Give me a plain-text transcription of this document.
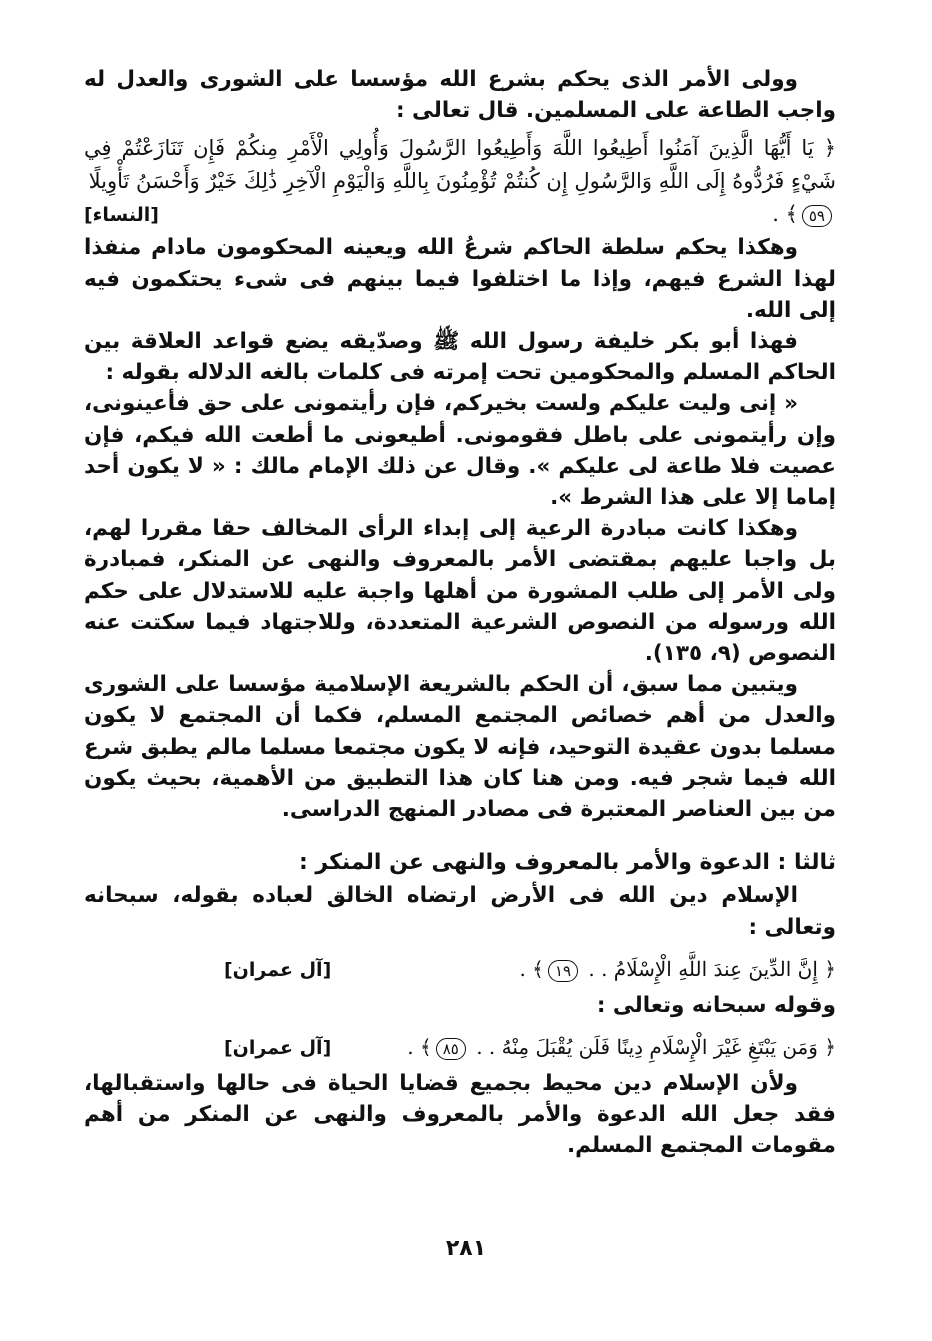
وولى الأمر الذى يحكم بشرع الله مؤسسا على الشورى والعدل له واجب الطاعة على المسلمين. قال تعالى :

﴿ يَا أَيُّهَا الَّذِينَ آمَنُوا أَطِيعُوا اللَّهَ وَأَطِيعُوا الرَّسُولَ وَأُولِي الْأَمْرِ مِنكُمْ فَإِن تَنَازَعْتُمْ فِي شَيْءٍ فَرُدُّوهُ إِلَى اللَّهِ وَالرَّسُولِ إِن كُنتُمْ تُؤْمِنُونَ بِاللَّهِ وَالْيَوْمِ الْآخِرِ ذَٰلِكَ خَيْرٌ وَأَحْسَنُ تَأْوِيلًا
٥٩﴾ .
[النساء]

وهكذا يحكم سلطة الحاكم شرعُ الله ويعينه المحكومون مادام منفذا لهذا الشرع فيهم، وإذا ما اختلفوا فيما بينهم فى شىء يحتكمون فيه إلى الله.

فهذا أبو بكر خليفة رسول الله ﷺ وصدّيقه يضع قواعد العلاقة بين الحاكم المسلم والمحكومين تحت إمرته فى كلمات بالغه الدلاله بقوله :

« إنى وليت عليكم ولست بخيركم، فإن رأيتمونى على حق فأعينونى، وإن رأيتمونى على باطل فقومونى. أطيعونى ما أطعت الله فيكم، فإن عصيت فلا طاعة لى عليكم ». وقال عن ذلك الإمام مالك : « لا يكون أحد إماما إلا على هذا الشرط ».

وهكذا كانت مبادرة الرعية إلى إبداء الرأى المخالف حقا مقررا لهم، بل واجبا عليهم بمقتضى الأمر بالمعروف والنهى عن المنكر، فمبادرة ولى الأمر إلى طلب المشورة من أهلها واجبة عليه للاستدلال على حكم الله ورسوله من النصوص الشرعية المتعددة، وللاجتهاد فيما سكتت عنه النصوص (٩، ١٣٥).

ويتبين مما سبق، أن الحكم بالشريعة الإسلامية مؤسسا على الشورى والعدل من أهم خصائص المجتمع المسلم، فكما أن المجتمع لا يكون مسلما بدون عقيدة التوحيد، فإنه لا يكون مجتمعا مسلما مالم يطبق شرع الله فيما شجر فيه. ومن هنا كان هذا التطبيق من الأهمية، بحيث يكون من بين العناصر المعتبرة فى مصادر المنهج الدراسى.

ثالثا : الدعوة والأمر بالمعروف والنهى عن المنكر :

الإسلام دين الله فى الأرض ارتضاه الخالق لعباده بقوله، سبحانه وتعالى :

﴿ إِنَّ الدِّينَ عِندَ اللَّهِ الْإِسْلَامُ . . ١٩﴾ .
[آل عمران]

وقوله سبحانه وتعالى :

﴿ وَمَن يَبْتَغِ غَيْرَ الْإِسْلَامِ دِينًا فَلَن يُقْبَلَ مِنْهُ . . ٨٥﴾ .
[آل عمران]

ولأن الإسلام دين محيط بجميع قضايا الحياة فى حالها واستقبالها، فقد جعل الله الدعوة والأمر بالمعروف والنهى عن المنكر من أهم مقومات المجتمع المسلم.

٢٨١
